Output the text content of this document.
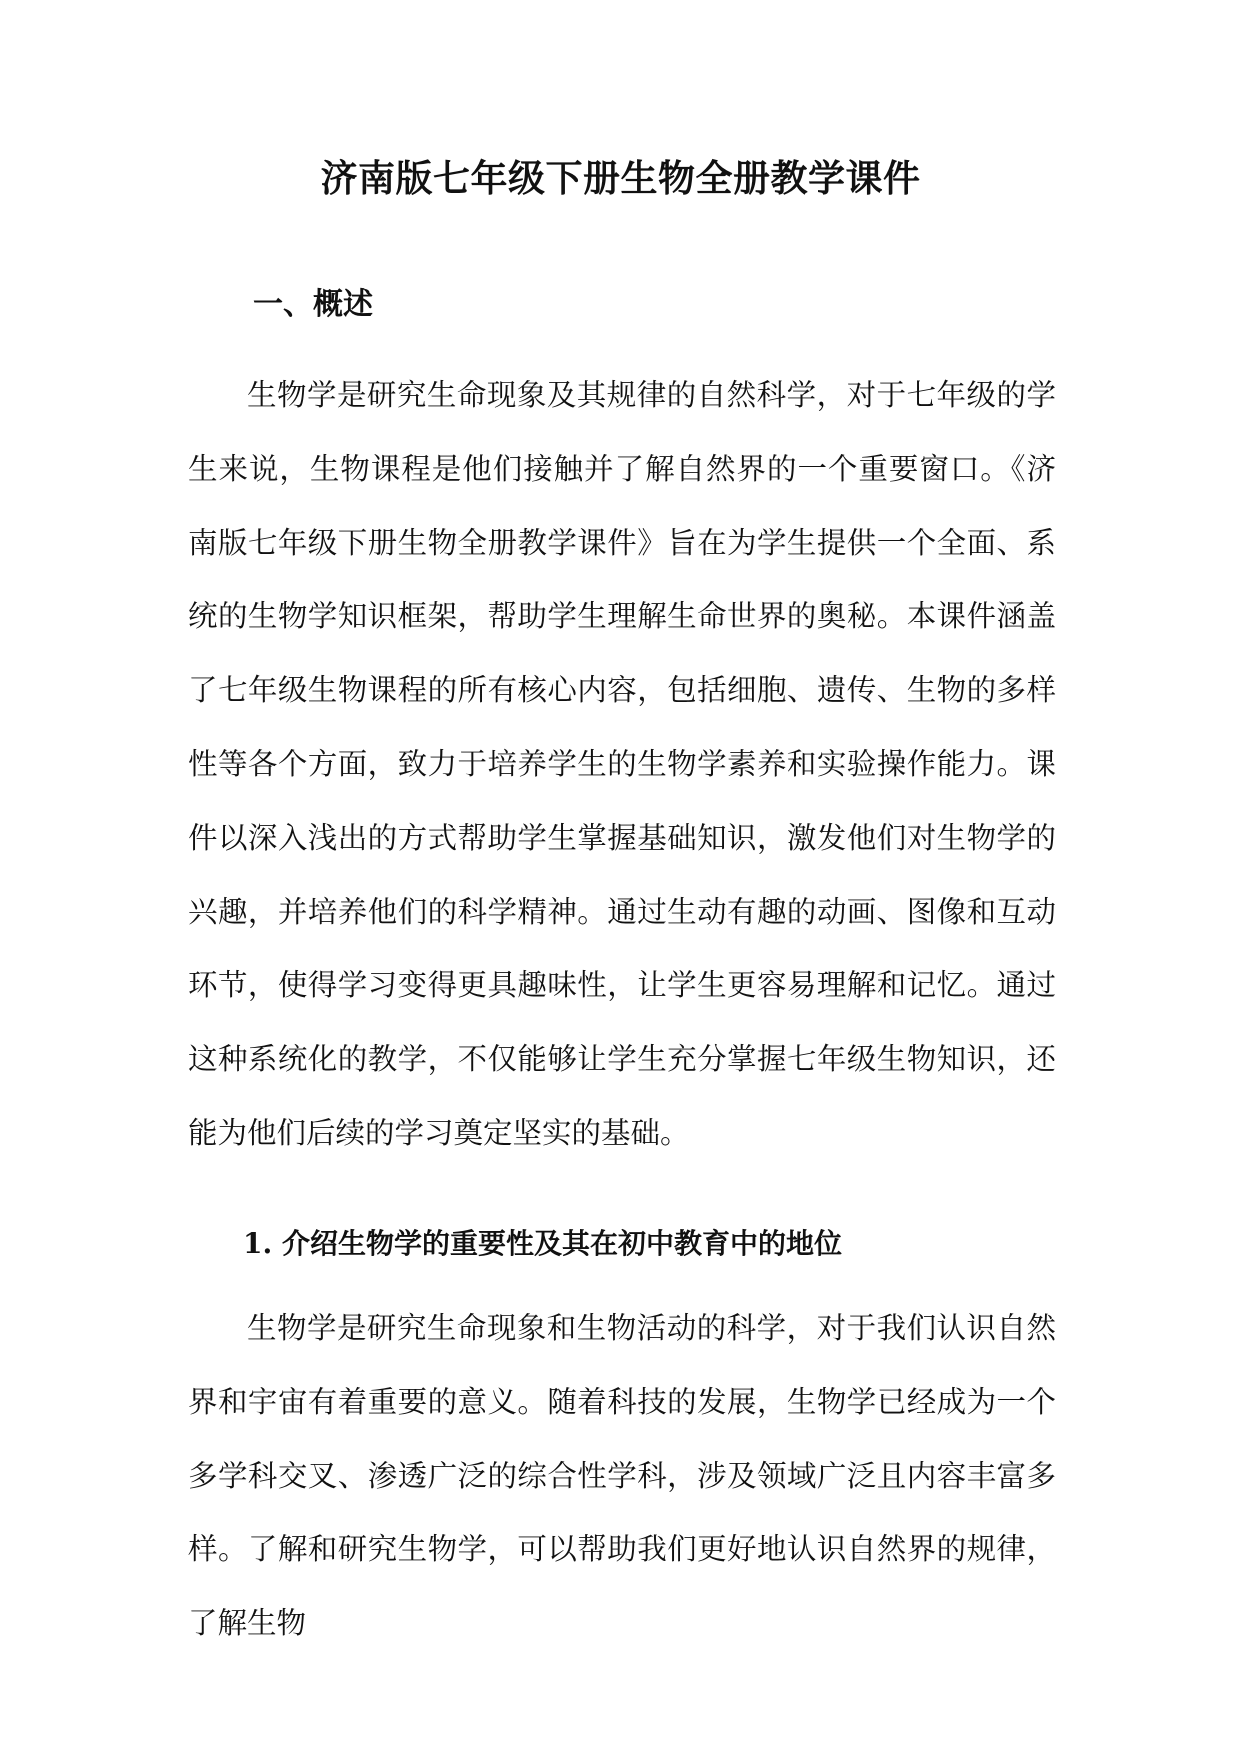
济南版七年级下册生物全册教学课件
一、概述

生物学是研究生命现象及其规律的自然科学，对于七年级的学生来说，生物课程是他们接触并了解自然界的一个重要窗口。《济南版七年级下册生物全册教学课件》旨在为学生提供一个全面、系统的生物学知识框架，帮助学生理解生命世界的奥秘。本课件涵盖了七年级生物课程的所有核心内容，包括细胞、遗传、生物的多样性等各个方面，致力于培养学生的生物学素养和实验操作能力。课件以深入浅出的方式帮助学生掌握基础知识，激发他们对生物学的兴趣，并培养他们的科学精神。通过生动有趣的动画、图像和互动环节，使得学习变得更具趣味性，让学生更容易理解和记忆。通过这种系统化的教学，不仅能够让学生充分掌握七年级生物知识，还能为他们后续的学习奠定坚实的基础。

1. 介绍生物学的重要性及其在初中教育中的地位

生物学是研究生命现象和生物活动的科学，对于我们认识自然界和宇宙有着重要的意义。随着科技的发展，生物学已经成为一个多学科交叉、渗透广泛的综合性学科，涉及领域广泛且内容丰富多样。了解和研究生物学，可以帮助我们更好地认识自然界的规律，了解生物
